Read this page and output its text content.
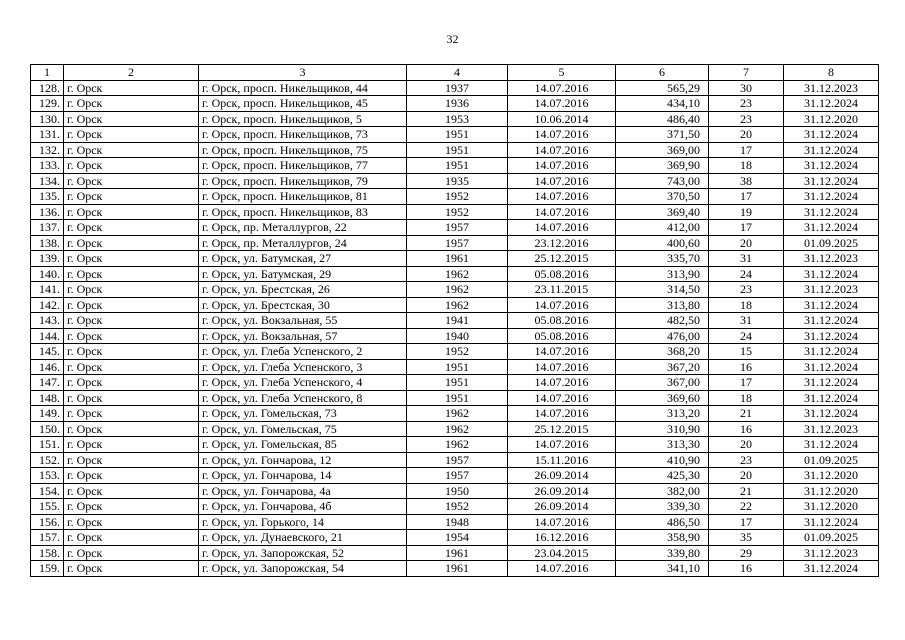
32
1	2	3	4	5	6	7	8
128.	г. Орск	г. Орск, просп. Никельщиков, 44	1937	14.07.2016	565,29	30	31.12.2023
129.	г. Орск	г. Орск, просп. Никельщиков, 45	1936	14.07.2016	434,10	23	31.12.2024
130.	г. Орск	г. Орск, просп. Никельщиков, 5	1953	10.06.2014	486,40	23	31.12.2020
131.	г. Орск	г. Орск, просп. Никельщиков, 73	1951	14.07.2016	371,50	20	31.12.2024
132.	г. Орск	г. Орск, просп. Никельщиков, 75	1951	14.07.2016	369,00	17	31.12.2024
133.	г. Орск	г. Орск, просп. Никельщиков, 77	1951	14.07.2016	369,90	18	31.12.2024
134.	г. Орск	г. Орск, просп. Никельщиков, 79	1935	14.07.2016	743,00	38	31.12.2024
135.	г. Орск	г. Орск, просп. Никельщиков, 81	1952	14.07.2016	370,50	17	31.12.2024
136.	г. Орск	г. Орск, просп. Никельщиков, 83	1952	14.07.2016	369,40	19	31.12.2024
137.	г. Орск	г. Орск, пр. Металлургов, 22	1957	14.07.2016	412,00	17	31.12.2024
138.	г. Орск	г. Орск, пр. Металлургов, 24	1957	23.12.2016	400,60	20	01.09.2025
139.	г. Орск	г. Орск, ул. Батумская, 27	1961	25.12.2015	335,70	31	31.12.2023
140.	г. Орск	г. Орск, ул. Батумская, 29	1962	05.08.2016	313,90	24	31.12.2024
141.	г. Орск	г. Орск, ул. Брестская, 26	1962	23.11.2015	314,50	23	31.12.2023
142.	г. Орск	г. Орск, ул. Брестская, 30	1962	14.07.2016	313,80	18	31.12.2024
143.	г. Орск	г. Орск, ул. Вокзальная, 55	1941	05.08.2016	482,50	31	31.12.2024
144.	г. Орск	г. Орск, ул. Вокзальная, 57	1940	05.08.2016	476,00	24	31.12.2024
145.	г. Орск	г. Орск, ул. Глеба Успенского, 2	1952	14.07.2016	368,20	15	31.12.2024
146.	г. Орск	г. Орск, ул. Глеба Успенского, 3	1951	14.07.2016	367,20	16	31.12.2024
147.	г. Орск	г. Орск, ул. Глеба Успенского, 4	1951	14.07.2016	367,00	17	31.12.2024
148.	г. Орск	г. Орск, ул. Глеба Успенского, 8	1951	14.07.2016	369,60	18	31.12.2024
149.	г. Орск	г. Орск, ул. Гомельская, 73	1962	14.07.2016	313,20	21	31.12.2024
150.	г. Орск	г. Орск, ул. Гомельская, 75	1962	25.12.2015	310,90	16	31.12.2023
151.	г. Орск	г. Орск, ул. Гомельская, 85	1962	14.07.2016	313,30	20	31.12.2024
152.	г. Орск	г. Орск, ул. Гончарова, 12	1957	15.11.2016	410,90	23	01.09.2025
153.	г. Орск	г. Орск, ул. Гончарова, 14	1957	26.09.2014	425,30	20	31.12.2020
154.	г. Орск	г. Орск, ул. Гончарова, 4а	1950	26.09.2014	382,00	21	31.12.2020
155.	г. Орск	г. Орск, ул. Гончарова, 4б	1952	26.09.2014	339,30	22	31.12.2020
156.	г. Орск	г. Орск, ул. Горького, 14	1948	14.07.2016	486,50	17	31.12.2024
157.	г. Орск	г. Орск, ул. Дунаевского, 21	1954	16.12.2016	358,90	35	01.09.2025
158.	г. Орск	г. Орск, ул. Запорожская, 52	1961	23.04.2015	339,80	29	31.12.2023
159.	г. Орск	г. Орск, ул. Запорожская, 54	1961	14.07.2016	341,10	16	31.12.2024
